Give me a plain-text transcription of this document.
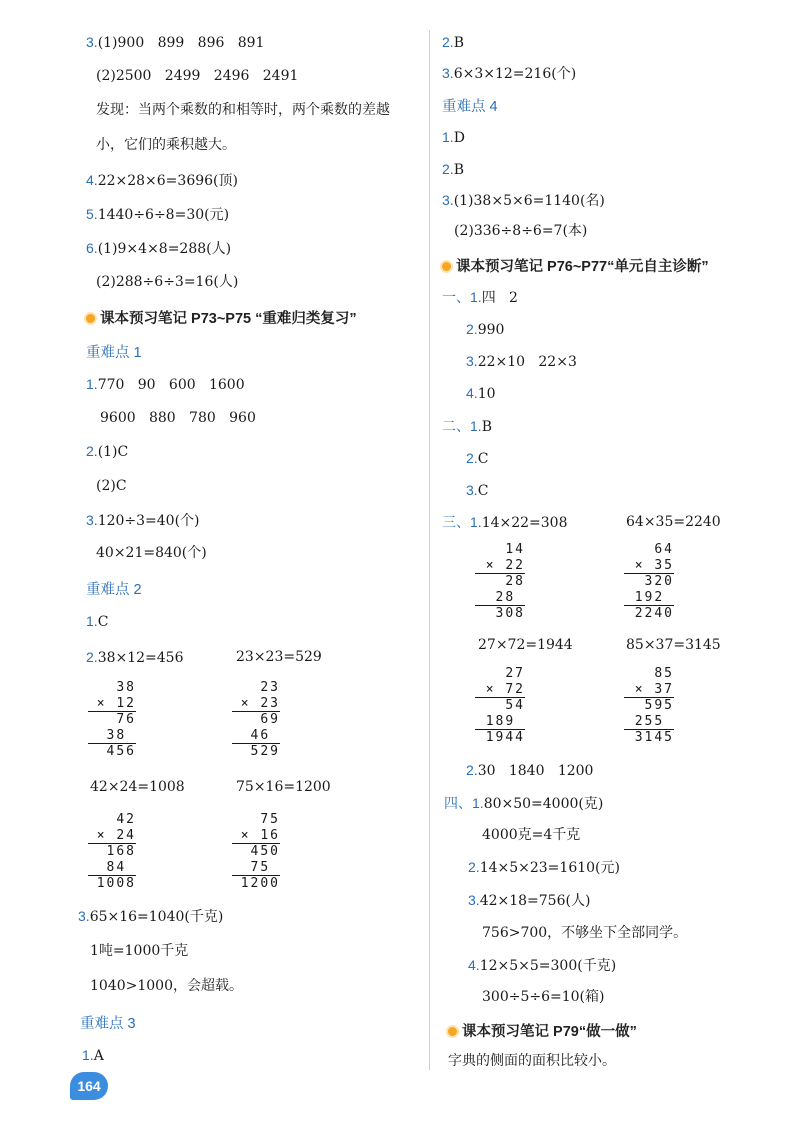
3.(1)900   899   896   891
(2)2500   2499   2496   2491
发现：当两个乘数的和相等时，两个乘数的差越
小，它们的乘积越大。
4.22×28×6=3696(顶)
5.1440÷6÷8=30(元)
6.(1)9×4×8=288(人)
(2)288÷6÷3=16(人)
课本预习笔记 P73~P75 “重难归类复习”
重难点 1
1.770   90   600   1600
9600   880   780   960
2.(1)C
(2)C
3.120÷3=40(个)
40×21=840(个)
重难点 2
1.C
2.38×12=456	23×23=529
38
× 12
76
38
456
23
× 23
69
46
529
42×24=1008	75×16=1200
42
× 24
168
84
1008
75
× 16
450
75
1200
3.65×16=1040(千克)
1吨=1000千克
1040>1000，会超载。
重难点 3
1.A
2.B
3.6×3×12=216(个)
重难点 4
1.D
2.B
3.(1)38×5×6=1140(名)
(2)336÷8÷6=7(本)
课本预习笔记 P76~P77“单元自主诊断”
一、1.四   2
2.990
3.22×10   22×3
4.10
二、1.B
2.C
3.C
三、1.14×22=308	64×35=2240
14
× 22
28
28
308
64
× 35
320
192
2240
27×72=1944	85×37=3145
27
× 72
54
189
1944
85
× 37
595
255
3145
2.30   1840   1200
四、1.80×50=4000(克)
4000克=4千克
2.14×5×23=1610(元)
3.42×18=756(人)
756>700，不够坐下全部同学。
4.12×5×5=300(千克)
300÷5÷6=10(箱)
课本预习笔记 P79“做一做”
字典的侧面的面积比较小。
164
